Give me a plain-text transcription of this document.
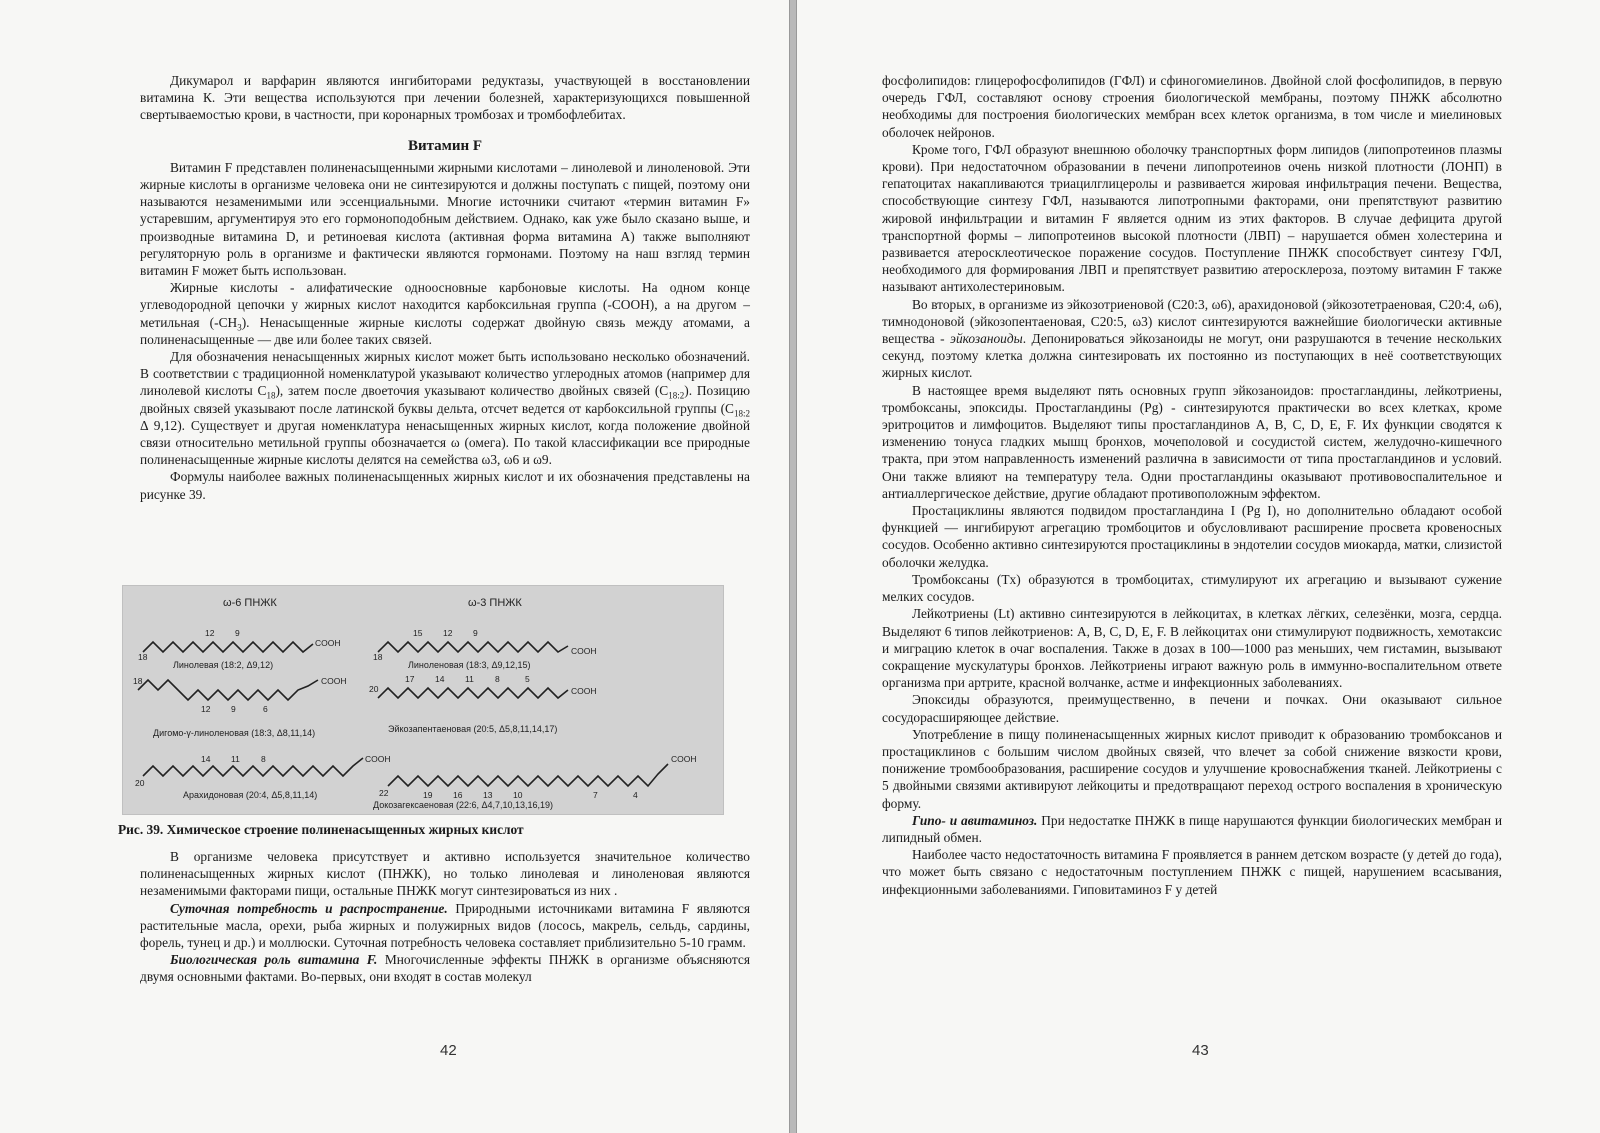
Дикумарол и варфарин являются ингибиторами редуктазы, участвующей в восстановлении витамина К. Эти вещества используются при лечении болезней, характеризующихся повышенной свертываемостью крови, в частности, при коронарных тромбозах и тромбофлебитах.

Витамин F

Витамин F представлен полиненасыщенными жирными кислотами – линолевой и линоленовой. Эти жирные кислоты в организме человека они не синтезируются и должны поступать с пищей, поэтому они называются незаменимыми или эссенциальными. Многие источники считают «термин витамин F» устаревшим, аргументируя это его гормоноподобным действием. Однако, как уже было сказано выше, и производные витамина D, и ретиноевая кислота (активная форма витамина А) также выполняют регуляторную роль в организме и фактически являются гормонами. Поэтому на наш взгляд термин витамин F может быть использован.

Жирные кислоты - алифатические одноосновные карбоновые кислоты. На одном конце углеводородной цепочки у жирных кислот находится карбоксильная группа (-СООН), а на другом – метильная $(-СН_3)$. Ненасыщенные жирные кислоты содержат двойную связь между атомами, а полиненасыщенные — две или более таких связей.

Для обозначения ненасыщенных жирных кислот может быть использовано несколько обозначений. В соответствии с традиционной номенклатурой указывают количество углеродных атомов (например для линолевой кислоты $С_{18}$), затем после двоеточия указывают количество двойных связей $(С_{18:2})$. Позицию двойных связей указывают после латинской буквы дельта, отсчет ведется от карбоксильной группы ($С_{18:2}$ Δ 9,12). Существует и другая номенклатура ненасыщенных жирных кислот, когда положение двойной связи относительно метильной группы обозначается ω (омега). По такой классификации все природные полиненасыщенные жирные кислоты делятся на семейства ω3, ω6 и ω9.

Формулы наиболее важных полиненасыщенных жирных кислот и их обозначения представлены на рисунке 39.

ω-6 ПНЖК	ω-3 ПНЖК
COOH
COOH
COOH
COOH
COOH	COOH
18
12 9
18
15 12 9
18
12 9	6
20
17 14 11 8	5
20
14 11 8
22	19 16 13 10	7	4
Линолевая (18:2, Δ9,12)	Линоленовая (18:3, Δ9,12,15)
Дигомо-γ-линоленовая (18:3, Δ8,11,14)	Эйкозапентаеновая (20:5, Δ5,8,11,14,17)
Арахидоновая (20:4, Δ5,8,11,14)
Докозагексаеновая (22:6, Δ4,7,10,13,16,19)
Рис. 39. Химическое строение полиненасыщенных жирных кислот

В организме человека присутствует и активно используется значительное количество полиненасыщенных жирных кислот (ПНЖК), но только линолевая и линоленовая являются незаменимыми факторами пищи, остальные ПНЖК могут синтезироваться из них .

Суточная потребность и распространение. Природными источниками витамина F являются растительные масла, орехи, рыба жирных и полужирных видов (лосось, макрель, сельдь, сардины, форель, тунец и др.) и моллюски. Суточная потребность человека составляет приблизительно 5-10 грамм.

Биологическая роль витамина F. Многочисленные эффекты ПНЖК в организме объясняются двумя основными фактами. Во-первых, они входят в состав молекул

42

фосфолипидов: глицерофосфолипидов (ГФЛ) и сфиногомиелинов. Двойной слой фосфолипидов, в первую очередь ГФЛ, составляют основу строения биологической мембраны, поэтому ПНЖК абсолютно необходимы для построения биологических мембран всех клеток организма, в том числе и миелиновых оболочек нейронов.

Кроме того, ГФЛ образуют внешнюю оболочку транспортных форм липидов (липопротеинов плазмы крови). При недостаточном образовании в печени липопротеинов очень низкой плотности (ЛОНП) в гепатоцитах накапливаются триацилглицеролы и развивается жировая инфильтрация печени. Вещества, способствующие синтезу ГФЛ, называются липотропными факторами, они препятствуют развитию жировой инфильтрации и витамин F является одним из этих факторов. В случае дефицита другой транспортной формы – липопротеинов высокой плотности (ЛВП) – нарушается обмен холестерина и развивается атеросклеотическое поражение сосудов. Поступление ПНЖК способствует синтезу ГФЛ, необходимого для формирования ЛВП и препятствует развитию атеросклероза, поэтому витамин F также называют антихолестериновым.

Во вторых, в организме из эйкозотриеновой (С20:3, ω6), арахидоновой (эйкозотетраеновая, С20:4, ω6), тимнодоновой (эйкозопентаеновая, С20:5, ω3) кислот синтезируются важнейшие биологически активные вещества - эйкозаноиды. Депонироваться эйкозаноиды не могут, они разрушаются в течение нескольких секунд, поэтому клетка должна синтезировать их постоянно из поступающих в неё соответствующих жирных кислот.

В настоящее время выделяют пять основных групп эйкозаноидов: простагландины, лейкотриены, тромбоксаны, эпоксиды. Простагландины (Pg) - синтезируются практически во всех клетках, кроме эритроцитов и лимфоцитов. Выделяют типы простагландинов A, B, C, D, E, F. Их функции сводятся к изменению тонуса гладких мышц бронхов, мочеполовой и сосудистой систем, желудочно-кишечного тракта, при этом направленность изменений различна в зависимости от типа простагландинов и условий. Они также влияют на температуру тела. Одни простагландины оказывают противовоспалительное и антиаллергическое действие, другие обладают противоположным эффектом.

Простациклины являются подвидом простагландина I (Pg I), но дополнительно обладают особой функцией — ингибируют агрегацию тромбоцитов и обусловливают расширение просвета кровеносных сосудов. Особенно активно синтезируются простациклины в эндотелии сосудов миокарда, матки, слизистой оболочки желудка.

Тромбоксаны (Tx) образуются в тромбоцитах, стимулируют их агрегацию и вызывают сужение мелких сосудов.

Лейкотриены (Lt) активно синтезируются в лейкоцитах, в клетках лёгких, селезёнки, мозга, сердца. Выделяют 6 типов лейкотриенов: A, B, C, D, E, F. В лейкоцитах они стимулируют подвижность, хемотаксис и миграцию клеток в очаг воспаления. Также в дозах в 100—1000 раз меньших, чем гистамин, вызывают сокращение мускулатуры бронхов. Лейкотриены играют важную роль в иммунно-воспалительном ответе организма при артрите, красной волчанке, астме и инфекционных заболеваниях.

Эпоксиды образуются, преимущественно, в печени и почках. Они оказывают сильное сосудорасширяющее действие.

Употребление в пищу полиненасыщенных жирных кислот приводит к образованию тромбоксанов и простациклинов с большим числом двойных связей, что влечет за собой снижение вязкости крови, понижение тромбообразования, расширение сосудов и улучшение кровоснабжения тканей. Лейкотриены с 5 двойными связями активируют лейкоциты и предотвращают переход острого воспаления в хроническую форму.

Гипо- и авитаминоз. При недостатке ПНЖК в пище нарушаются функции биологических мембран и липидный обмен.

Наиболее часто недостаточность витамина F проявляется в раннем детском возрасте (у детей до года), что может быть связано с недостаточным поступлением ПНЖК с пищей, нарушением всасывания, инфекционными заболеваниями. Гиповитаминоз F у детей

43
